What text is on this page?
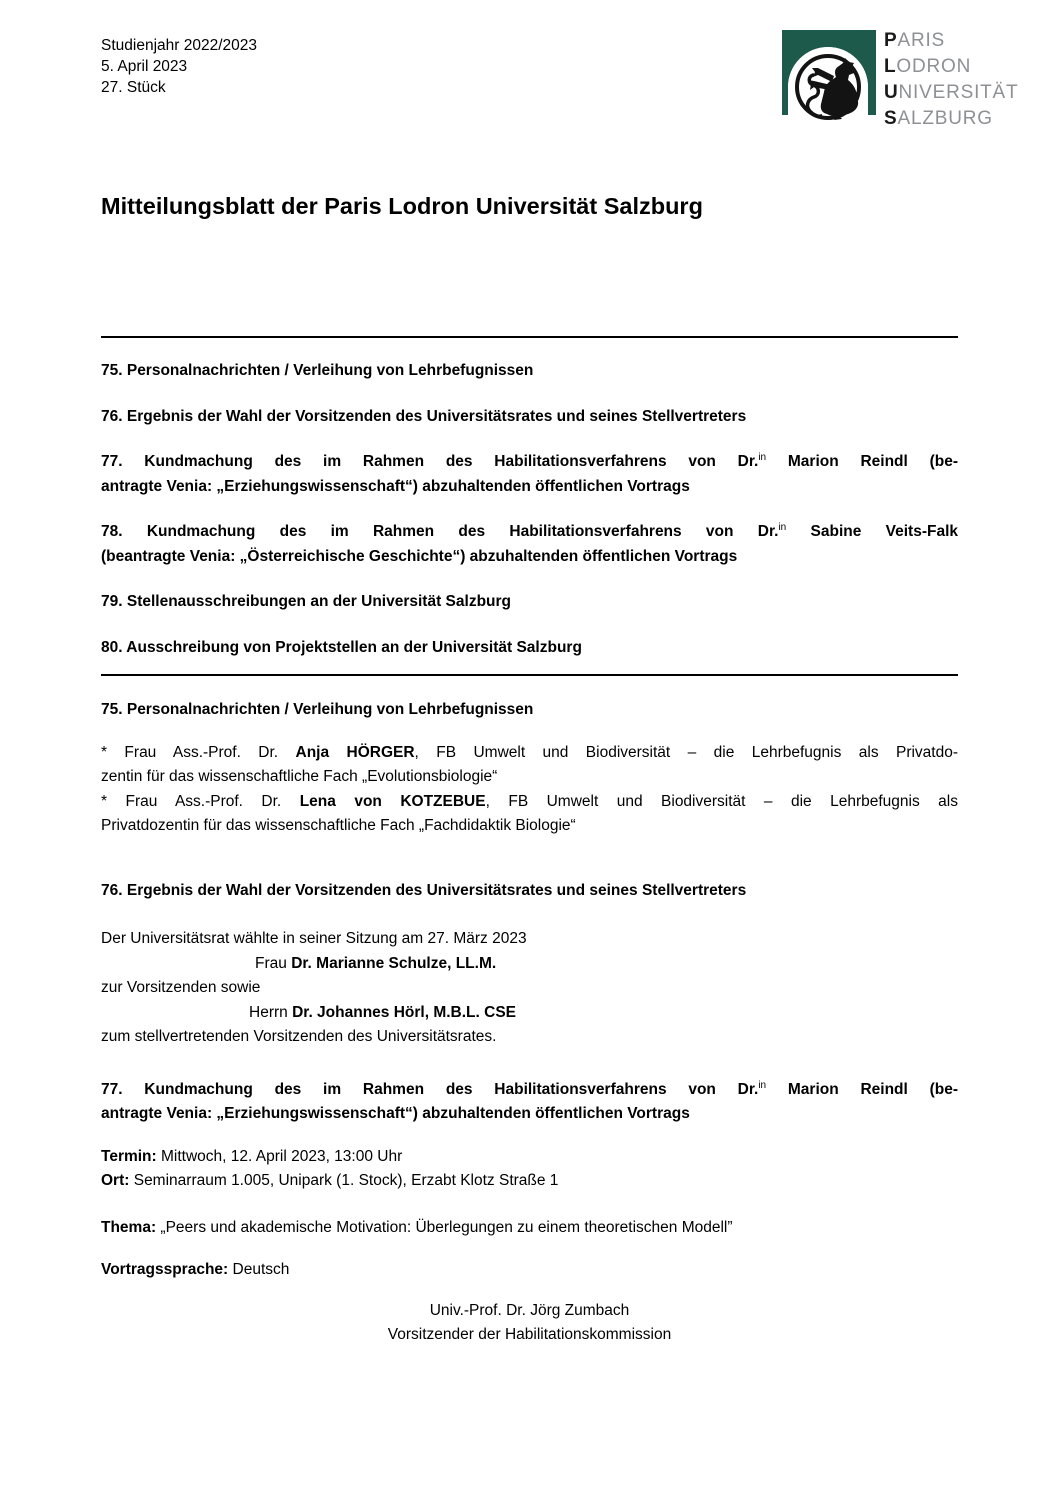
Studienjahr 2022/2023
5. April 2023
27. Stück
PARIS
LODRON
UNIVERSITÄT
SALZBURG
Mitteilungsblatt der Paris Lodron Universität Salzburg
75. Personalnachrichten / Verleihung von Lehrbefugnissen
76. Ergebnis der Wahl der Vorsitzenden des Universitätsrates und seines Stellvertreters
77. Kundmachung des im Rahmen des Habilitationsverfahrens von Dr.$^{in}$ Marion Reindl (be-
antragte Venia: „Erziehungswissenschaft“) abzuhaltenden öffentlichen Vortrags
78. Kundmachung des im Rahmen des Habilitationsverfahrens von Dr.$^{in}$ Sabine Veits-Falk
(beantragte Venia: „Österreichische Geschichte“) abzuhaltenden öffentlichen Vortrags
79. Stellenausschreibungen an der Universität Salzburg
80. Ausschreibung von Projektstellen an der Universität Salzburg
75. Personalnachrichten / Verleihung von Lehrbefugnissen
* Frau Ass.-Prof. Dr. Anja HÖRGER, FB Umwelt und Biodiversität – die Lehrbefugnis als Privatdo-
zentin für das wissenschaftliche Fach „Evolutionsbiologie“
* Frau Ass.-Prof. Dr. Lena von KOTZEBUE, FB Umwelt und Biodiversität – die Lehrbefugnis als
Privatdozentin für das wissenschaftliche Fach „Fachdidaktik Biologie“
76. Ergebnis der Wahl der Vorsitzenden des Universitätsrates und seines Stellvertreters
Der Universitätsrat wählte in seiner Sitzung am 27. März 2023
Frau Dr. Marianne Schulze, LL.M.
zur Vorsitzenden sowie
Herrn Dr. Johannes Hörl, M.B.L. CSE
zum stellvertretenden Vorsitzenden des Universitätsrates.
77. Kundmachung des im Rahmen des Habilitationsverfahrens von Dr.$^{in}$ Marion Reindl (be-
antragte Venia: „Erziehungswissenschaft“) abzuhaltenden öffentlichen Vortrags
Termin: Mittwoch, 12. April 2023, 13:00 Uhr
Ort: Seminarraum 1.005, Unipark (1. Stock), Erzabt Klotz Straße 1
Thema: „Peers und akademische Motivation: Überlegungen zu einem theoretischen Modell”
Vortragssprache: Deutsch
Univ.-Prof. Dr. Jörg Zumbach
Vorsitzender der Habilitationskommission
